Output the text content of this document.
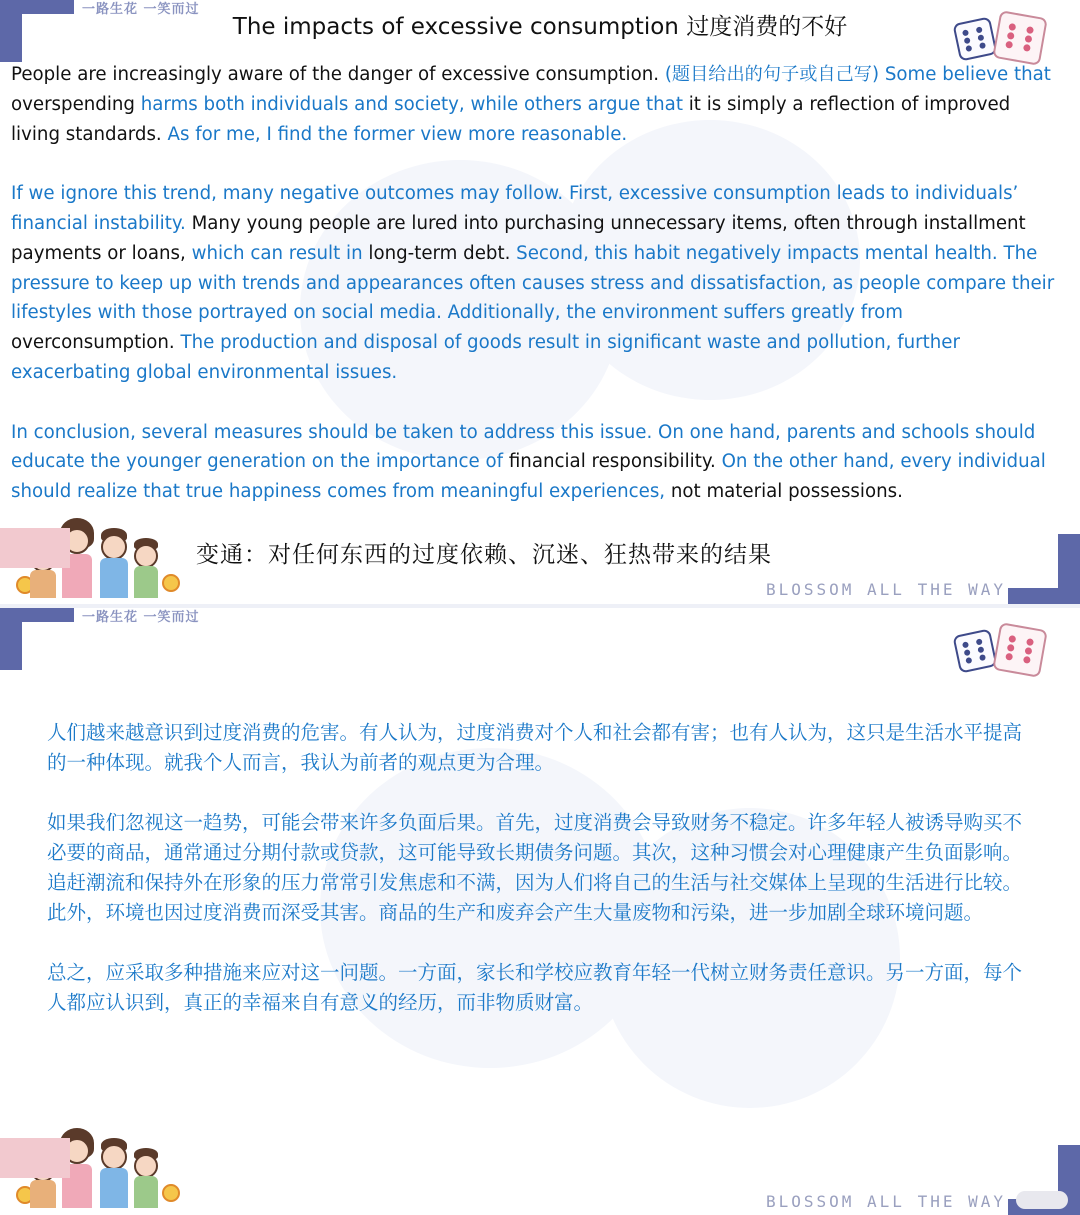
一路生花 一笑而过
The impacts of excessive consumption 过度消费的不好

People are increasingly aware of the danger of excessive consumption. (题目给出的句子或自己写) Some believe that overspending harms both individuals and society, while others argue that it is simply a reflection of improved living standards. As for me, I find the former view more reasonable.

If we ignore this trend, many negative outcomes may follow. First, excessive consumption leads to individuals’ financial instability. Many young people are lured into purchasing unnecessary items, often through installment payments or loans, which can result in long-term debt. Second, this habit negatively impacts mental health. The pressure to keep up with trends and appearances often causes stress and dissatisfaction, as people compare their lifestyles with those portrayed on social media. Additionally, the environment suffers greatly from overconsumption. The production and disposal of goods result in significant waste and pollution, further exacerbating global environmental issues.

In conclusion, several measures should be taken to address this issue. On one hand, parents and schools should educate the younger generation on the importance of financial responsibility. On the other hand, every individual should realize that true happiness comes from meaningful experiences, not material possessions.

变通：对任何东西的过度依赖、沉迷、狂热带来的结果
BLOSSOM ALL THE WAY
一路生花 一笑而过

人们越来越意识到过度消费的危害。有人认为，过度消费对个人和社会都有害；也有人认为，这只是生活水平提高的一种体现。就我个人而言，我认为前者的观点更为合理。

如果我们忽视这一趋势，可能会带来许多负面后果。首先，过度消费会导致财务不稳定。许多年轻人被诱导购买不必要的商品，通常通过分期付款或贷款，这可能导致长期债务问题。其次，这种习惯会对心理健康产生负面影响。追赶潮流和保持外在形象的压力常常引发焦虑和不满，因为人们将自己的生活与社交媒体上呈现的生活进行比较。此外，环境也因过度消费而深受其害。商品的生产和废弃会产生大量废物和污染，进一步加剧全球环境问题。

总之，应采取多种措施来应对这一问题。一方面，家长和学校应教育年轻一代树立财务责任意识。另一方面，每个人都应认识到，真正的幸福来自有意义的经历，而非物质财富。

BLOSSOM ALL THE WAY
